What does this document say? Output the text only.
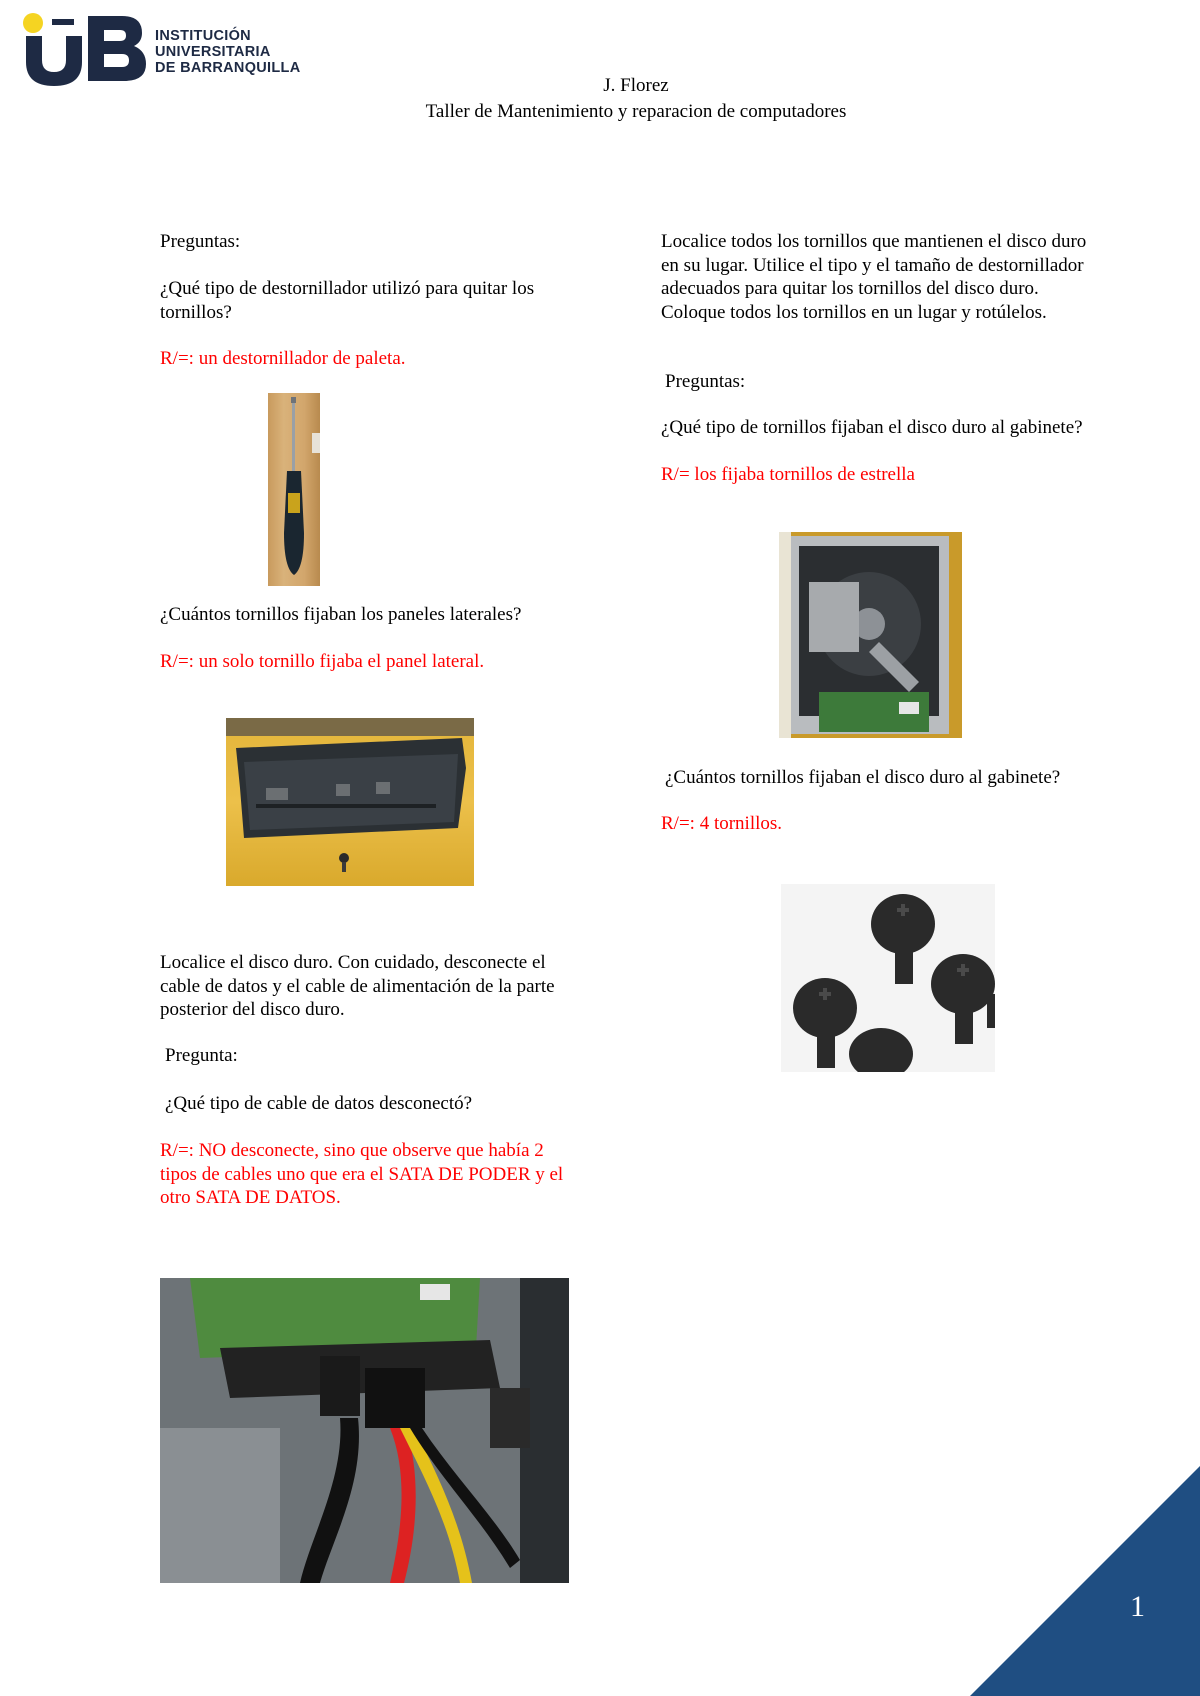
INSTITUCIÓN
UNIVERSITARIA
DE BARRANQUILLA
J. Florez
Taller de Mantenimiento y reparacion de computadores
Preguntas:
¿Qué tipo de destornillador utilizó para quitar los tornillos?
R/=: un destornillador de paleta.
¿Cuántos tornillos fijaban los paneles laterales?
R/=: un solo tornillo fijaba el panel lateral.
Localice el disco duro. Con cuidado, desconecte el cable de datos y el cable de alimentación de la parte posterior del disco duro.
Pregunta:
¿Qué tipo de cable de datos desconectó?
R/=: NO desconecte, sino que observe que había 2 tipos de cables uno que era el SATA DE PODER y el otro SATA DE DATOS.
Localice todos los tornillos que mantienen el disco duro en su lugar. Utilice el tipo y el tamaño de destornillador adecuados para quitar los tornillos del disco duro. Coloque todos los tornillos en un lugar y rotúlelos.
Preguntas:
¿Qué tipo de tornillos fijaban el disco duro al gabinete?
R/= los fijaba tornillos de estrella
¿Cuántos tornillos fijaban el disco duro al gabinete?
R/=: 4 tornillos.
1
